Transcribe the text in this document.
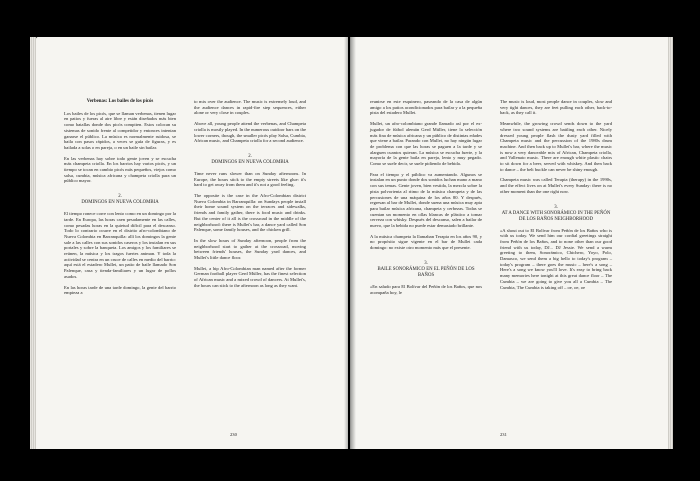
Verbenas: Los bailes de los pícós

Los bailes de los picós, que se llaman verbenas, tienen lugar en patios y fueras al aire libre y están diseñados más bien como batallas donde dos picós compiten. Estos colocan su sistemas de sonido frente al competidor y entonces intentan ganarse el público. La música es normalmente ruidosa, se baila con pasos rápidos, a veces se guía de figuras, y es bailada a solas o en pareja, o en un baile sin bailar.

En las verbenas hay sobre todo gente joven y se escucha más champeta criolla. En los barrios hay varios picós, y un tiempo se tocan en cambio picós más pequeños, viejos como salsa, cumbia, música africana y champeta criolla para un público mayor.

2.
DOMINGOS EN NUEVA COLOMBIA

El tiempo ronece corre con lento como en un domingo por la tarde. En Europa, las horas caen pesadamente en las calles, como pesadas horas en la quietud difícil para el descanso. Todo lo contrario ocurre en el distrito afro-colombiano de Nueva Colombia en Barranquilla: allí los domingos la gente sale a las calles con sus sonidos caseros y los instalan en sus portales y sobre la banqueta. Los amigos y los familiares se reúnen, la música y los tragos fuertes animan. Y toda la actividad se centra en un cruce de calles en medio del barrio: aquí está el estadero Mullei, un patio de baile llamado Son Palenque, casa y tienda-familiares y un lugar de pollos asados.

En las horas tarde de una tarde domingo, la gente del barrio empieza a

to mix over the audience. The music is extremely loud, and the audience dances in rapid-fire step sequences, either alone or very close in couples.

Above all, young people attend the verbenas, and Champeta criolla is mostly played. In the numerous outdoor bars on the lower corners, though, the smaller picós play Salsa, Cumbia, African music, and Champeta criolla for a second audience.

2.
DOMINGOS EN NUEVA COLOMBIA

Time never runs slower than on Sunday afternoons. In Europe, the hours stick to the empty streets like glue: it's hard to get away from them and it's not a good feeling.

The opposite is the case in the Afro-Colombian district Nueva Colombia in Barranquilla: on Sundays people install their home sound system on the terraces and sidewalks, friends and family gather, there is food music and drinks. But the center of it all is the crossroad in the middle of the neighborhood: there is Mullei's bar, a dance yard called Son Palenque, some family houses, and the chicken grill.

In the slow hours of Sunday afternoon, people from the neighborhood start to gather at the crossroad, moving between friends' houses, the Sunday yard dances, and Mullei's little dance floor.

Mullei, a hip Afro-Colombian man named after the former German football player Gerd Müller, has the finest selection of African music and a mixed crowd of dancers. At Mullei's, the hours can stick to the afternoon as long as they want.

230

reunirse en este esquinero, paseando de la casa de algún amigo a los patios acondicionados para bailar y a la pequeña pista del estadero Mullei.

Mullei, un afro-colombiano grande llamado así por el ex-jugador de fútbol alemán Gerd Müller, tiene la selección más fina de música africana y un público de distintas edades que viene a bailar. Parando con Mullei, no hay ningún lugar de problema con que las horas se paguen a la tarde y se alarguen cuantos quieran. La música se escucha fuerte, y la mayoría de la gente baila en pareja, lento y muy pegado. Como se suele decir, se suele pidiendo de bebida.

Para el tiempo y el público va aumentando. Algunos se instalan en un punto donde dos sonidos luchan mano a mano con sus temas. Gente joven, bien vestida, la mezcla sobre la pista polvorienta al ritmo de la música champeta y de las percusiones de una máquina de los años 80. Y después, regresan al bar de Mullei, donde suena una música muy apta para bailar música africana, champeta y cerbezas. Todas se cuentan un momento en ollas blancas de plástico a tomar cerveza con whisky. Después del descanso, salen a bailar de nuevo, que la bebida no puede estar demasiado brillante.

A la música champeta la llamaban Terapia en los años 90, y no propósito sigue vigente en el bar de Mullei cada domingo: no existe otro momento más que el presente.

3.
BAILE SONORÁMICO EN EL PEÑÓN DE LOS BAÑOS

«En saludo para El Bolívar del Peñón de los Baños, que nos acompaña hoy, le

The music is loud, most people dance in couples, slow and very tight dances, they are feet pulling each other, back-to-back, as they call it.

Meanwhile, the growing crowd sends down to the yard where two sound systems are battling each other. Nicely dressed young people flash the dusty yard filled with Champeta music and the percussion of the 1980s drum machine. And then back up to Mullei's bar, where the music is now a very danceable mix of African, Champeta criolla, and Vallenato music. There are enough white plastic chairs to sit down for a beer, served with whiskey. And then back to dance – the belt buckle can never be shiny enough.

Champeta music was called Terapia (therapy) in the 1990s, and the effect lives on at Mullei's every Sunday: there is no other moment than the one right now.

3.
AT A DANCE WITH SONORÁMICO IN THE PEÑÓN DE LOS BAÑOS NEIGHBORHOOD

«A shout out to El Bolívar from Peñón de los Baños who is with us today. We send him our cordial greetings straight from Peñón de los Baños, and to none other than our good friend with us today, DJ... DJ Jessie. We send a warm greeting to them, Sonorámico, Chichero, Yoyo, Polo, Damasco, we send them a big hello to today's program – today's program – there goes the music – here's a song – Here's a song we know you'll love. It's easy to bring back many memories here tonight at this great dance floor – The Cumbia – we are going to give you all a Cumbia – The Cumbia, The Cumbia is taking off – oe, oe, oe

231
